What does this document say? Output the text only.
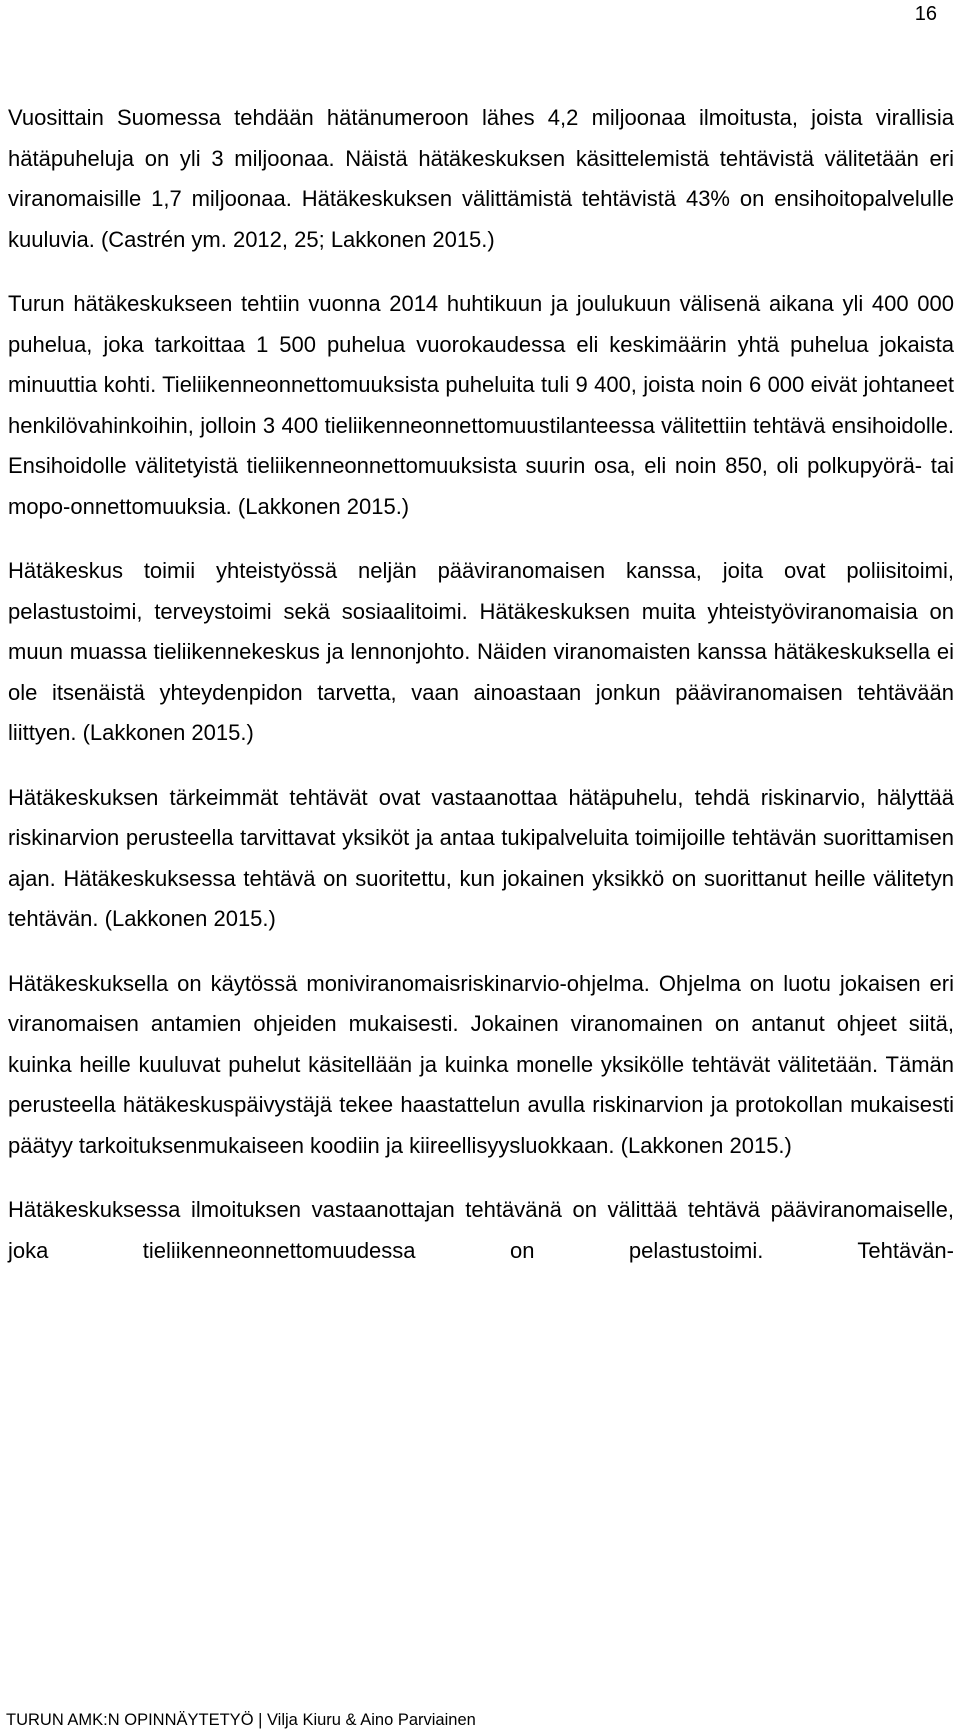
16

Vuosittain Suomessa tehdään hätänumeroon lähes 4,2 miljoonaa ilmoitusta, joista virallisia hätäpuheluja on yli 3 miljoonaa. Näistä hätäkeskuksen käsittelemistä tehtävistä välitetään eri viranomaisille 1,7 miljoonaa. Hätäkeskuksen välittämistä tehtävistä 43% on ensihoitopalvelulle kuuluvia. (Castrén ym. 2012, 25; Lakkonen 2015.)

Turun hätäkeskukseen tehtiin vuonna 2014 huhtikuun ja joulukuun välisenä aikana yli 400 000 puhelua, joka tarkoittaa 1 500 puhelua vuorokaudessa eli keskimäärin yhtä puhelua jokaista minuuttia kohti. Tieliikenneonnettomuuksista puheluita tuli 9 400, joista noin 6 000 eivät johtaneet henkilövahinkoihin, jolloin 3 400 tieliikenneonnettomuustilanteessa välitettiin tehtävä ensihoidolle. Ensihoidolle välitetyistä tieliikenneonnettomuuksista suurin osa, eli noin 850, oli polkupyörä- tai mopo-onnettomuuksia. (Lakkonen 2015.)

Hätäkeskus toimii yhteistyössä neljän pääviranomaisen kanssa, joita ovat poliisitoimi, pelastustoimi, terveystoimi sekä sosiaalitoimi. Hätäkeskuksen muita yhteistyöviranomaisia on muun muassa tieliikennekeskus ja lennonjohto. Näiden viranomaisten kanssa hätäkeskuksella ei ole itsenäistä yhteydenpidon tarvetta, vaan ainoastaan jonkun pääviranomaisen tehtävään liittyen. (Lakkonen 2015.)

Hätäkeskuksen tärkeimmät tehtävät ovat vastaanottaa hätäpuhelu, tehdä riskinarvio, hälyttää riskinarvion perusteella tarvittavat yksiköt ja antaa tukipalveluita toimijoille tehtävän suorittamisen ajan. Hätäkeskuksessa tehtävä on suoritettu, kun jokainen yksikkö on suorittanut heille välitetyn tehtävän. (Lakkonen 2015.)

Hätäkeskuksella on käytössä moniviranomaisriskinarvio-ohjelma. Ohjelma on luotu jokaisen eri viranomaisen antamien ohjeiden mukaisesti. Jokainen viranomainen on antanut ohjeet siitä, kuinka heille kuuluvat puhelut käsitellään ja kuinka monelle yksikölle tehtävät välitetään. Tämän perusteella hätäkeskuspäivystäjä tekee haastattelun avulla riskinarvion ja protokollan mukaisesti päätyy tarkoituksenmukaiseen koodiin ja kiireellisyysluokkaan. (Lakkonen 2015.)

Hätäkeskuksessa ilmoituksen vastaanottajan tehtävänä on välittää tehtävä pääviranomaiselle, joka tieliikenneonnettomuudessa on pelastustoimi. Tehtävän-

TURUN AMK:N OPINNÄYTETYÖ | Vilja Kiuru & Aino Parviainen
